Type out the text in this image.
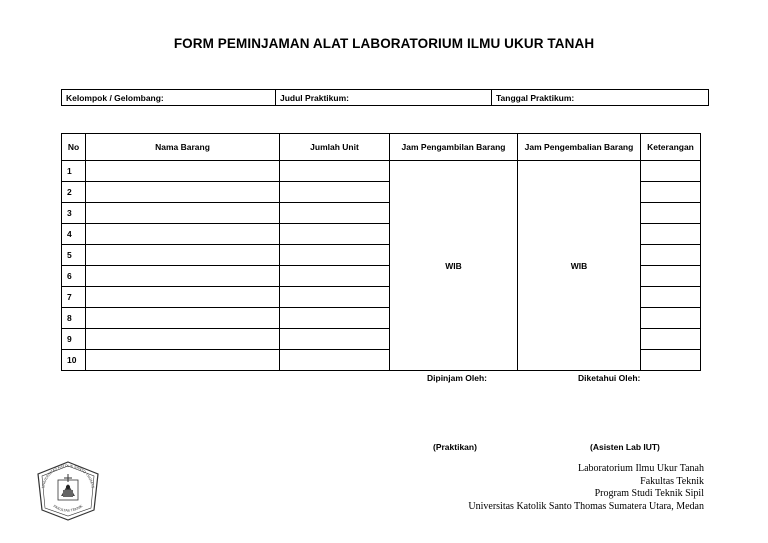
FORM PEMINJAMAN ALAT LABORATORIUM ILMU UKUR TANAH
Kelompok / Gelombang:	Judul Praktikum:	Tanggal Praktikum:
No	Nama Barang	Jumlah Unit	Jam Pengambilan Barang	Jam Pengembalian Barang	Keterangan
1			WIB	WIB	
2					
3					
4					
5					
6					
7					
8					
9					
10					
Dipinjam Oleh:	Diketahui Oleh:
(Praktikan)	(Asisten Lab IUT)
UNIVERSITAS KATOLIK SANTO THOMAS
FAKULTAS TEKNIK
Laboratorium Ilmu Ukur Tanah
Fakultas Teknik
Program Studi Teknik Sipil
Universitas Katolik Santo Thomas Sumatera Utara, Medan
